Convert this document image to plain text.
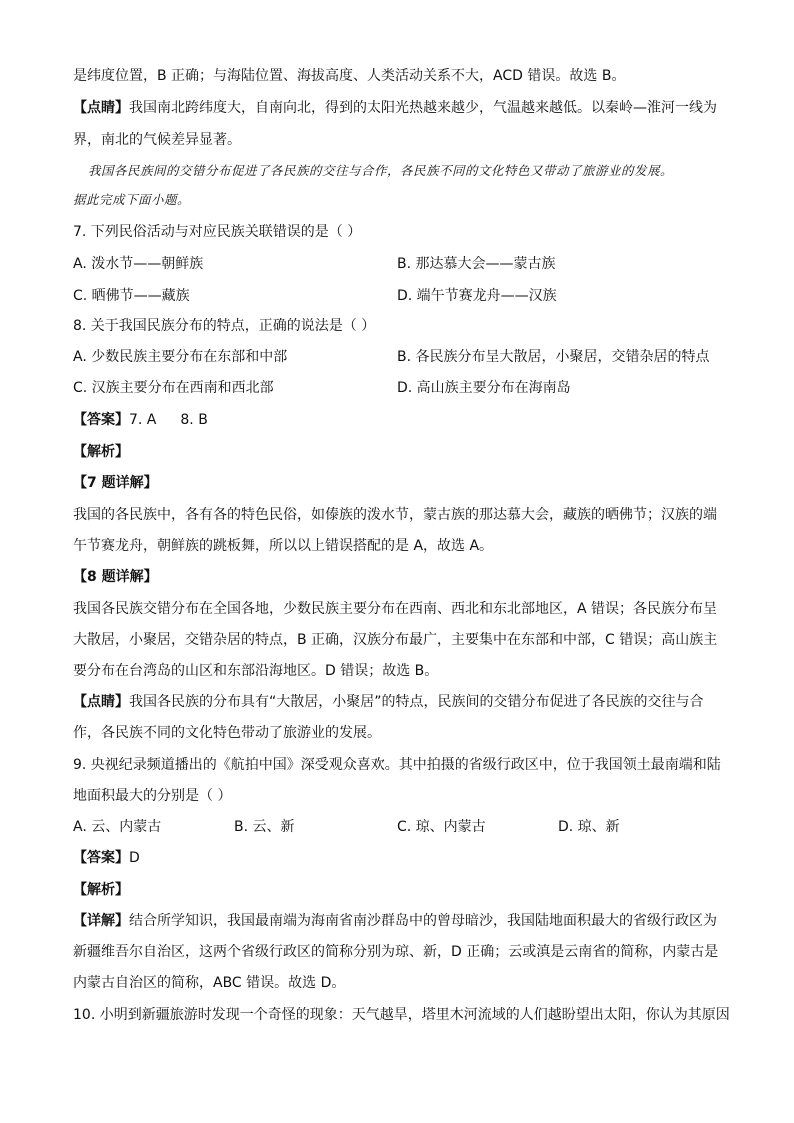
是纬度位置，B 正确；与海陆位置、海拔高度、人类活动关系不大，ACD 错误。故选 B。
【点睛】我国南北跨纬度大，自南向北，得到的太阳光热越来越少，气温越来越低。以秦岭—淮河一线为
界，南北的气候差异显著。
我国各民族间的交错分布促进了各民族的交往与合作，各民族不同的文化特色又带动了旅游业的发展。
据此完成下面小题。
7. 下列民俗活动与对应民族关联错误的是（ ）
A. 泼水节——朝鲜族	B. 那达慕大会——蒙古族
C. 晒佛节——藏族	D. 端午节赛龙舟——汉族
8. 关于我国民族分布的特点，正确的说法是（ ）
A. 少数民族主要分布在东部和中部	B. 各民族分布呈大散居，小聚居，交错杂居的特点
C. 汉族主要分布在西南和西北部	D. 高山族主要分布在海南岛
【答案】7. A 8. B
【解析】
【7 题详解】
我国的各民族中，各有各的特色民俗，如傣族的泼水节，蒙古族的那达慕大会，藏族的晒佛节；汉族的端
午节赛龙舟，朝鲜族的跳板舞，所以以上错误搭配的是 A，故选 A。
【8 题详解】
我国各民族交错分布在全国各地，少数民族主要分布在西南、西北和东北部地区，A 错误；各民族分布呈
大散居，小聚居，交错杂居的特点，B 正确，汉族分布最广，主要集中在东部和中部，C 错误；高山族主
要分布在台湾岛的山区和东部沿海地区。D 错误；故选 B。
【点睛】我国各民族的分布具有“大散居，小聚居”的特点，民族间的交错分布促进了各民族的交往与合
作，各民族不同的文化特色带动了旅游业的发展。
9. 央视纪录频道播出的《航拍中国》深受观众喜欢。其中拍摄的省级行政区中，位于我国领土最南端和陆
地面积最大的分别是（ ）
A. 云、内蒙古	B. 云、新	C. 琼、内蒙古	D. 琼、新
【答案】D
【解析】
【详解】结合所学知识，我国最南端为海南省南沙群岛中的曾母暗沙，我国陆地面积最大的省级行政区为
新疆维吾尔自治区，这两个省级行政区的简称分别为琼、新，D 正确；云或滇是云南省的简称，内蒙古是
内蒙古自治区的简称，ABC 错误。故选 D。
10. 小明到新疆旅游时发现一个奇怪的现象：天气越旱，塔里木河流域的人们越盼望出太阳，你认为其原因
